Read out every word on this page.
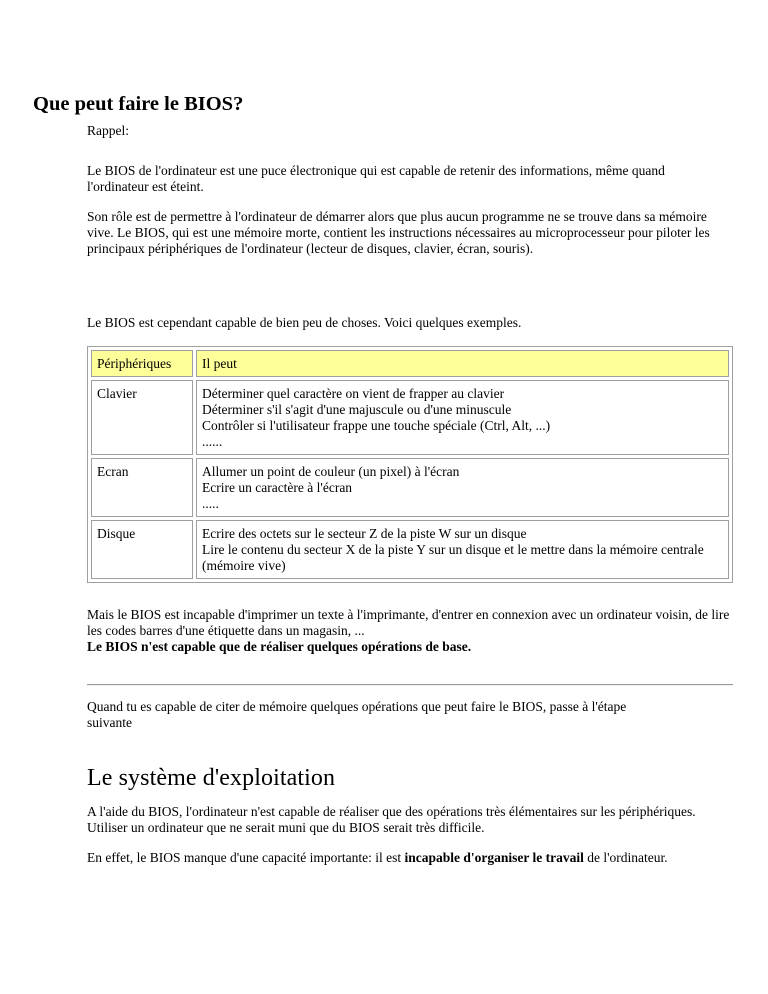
Que peut faire le BIOS?

Rappel:

Le BIOS de l'ordinateur est une puce électronique qui est capable de retenir des informations, même quand l'ordinateur est éteint.

Son rôle est de permettre à l'ordinateur de démarrer alors que plus aucun programme ne se trouve dans sa mémoire vive. Le BIOS, qui est une mémoire morte, contient les instructions nécessaires au microprocesseur pour piloter les principaux périphériques de l'ordinateur (lecteur de disques, clavier, écran, souris).

Le BIOS est cependant capable de bien peu de choses. Voici quelques exemples.

Périphériques	Il peut
Clavier	Déterminer quel caractère on vient de frapper au clavier
Déterminer s'il s'agit d'une majuscule ou d'une minuscule
Contrôler si l'utilisateur frappe une touche spéciale (Ctrl, Alt, ...)
......

Ecran	Allumer un point de couleur (un pixel) à l'écran
Ecrire un caractère à l'écran
.....

Disque	Ecrire des octets sur le secteur Z de la piste W sur un disque
Lire le contenu du secteur X de la piste Y sur un disque et le mettre dans la mémoire centrale (mémoire vive)

Mais le BIOS est incapable d'imprimer un texte à l'imprimante, d'entrer en connexion avec un ordinateur voisin, de lire les codes barres d'une étiquette dans un magasin, ...
Le BIOS n'est capable que de réaliser quelques opérations de base.

Quand tu es capable de citer de mémoire quelques opérations que peut faire le BIOS, passe à l'étape suivante

Le système d'exploitation

A l'aide du BIOS, l'ordinateur n'est capable de réaliser que des opérations très élémentaires sur les périphériques. Utiliser un ordinateur que ne serait muni que du BIOS serait très difficile.

En effet, le BIOS manque d'une capacité importante: il est incapable d'organiser le travail de l'ordinateur.
